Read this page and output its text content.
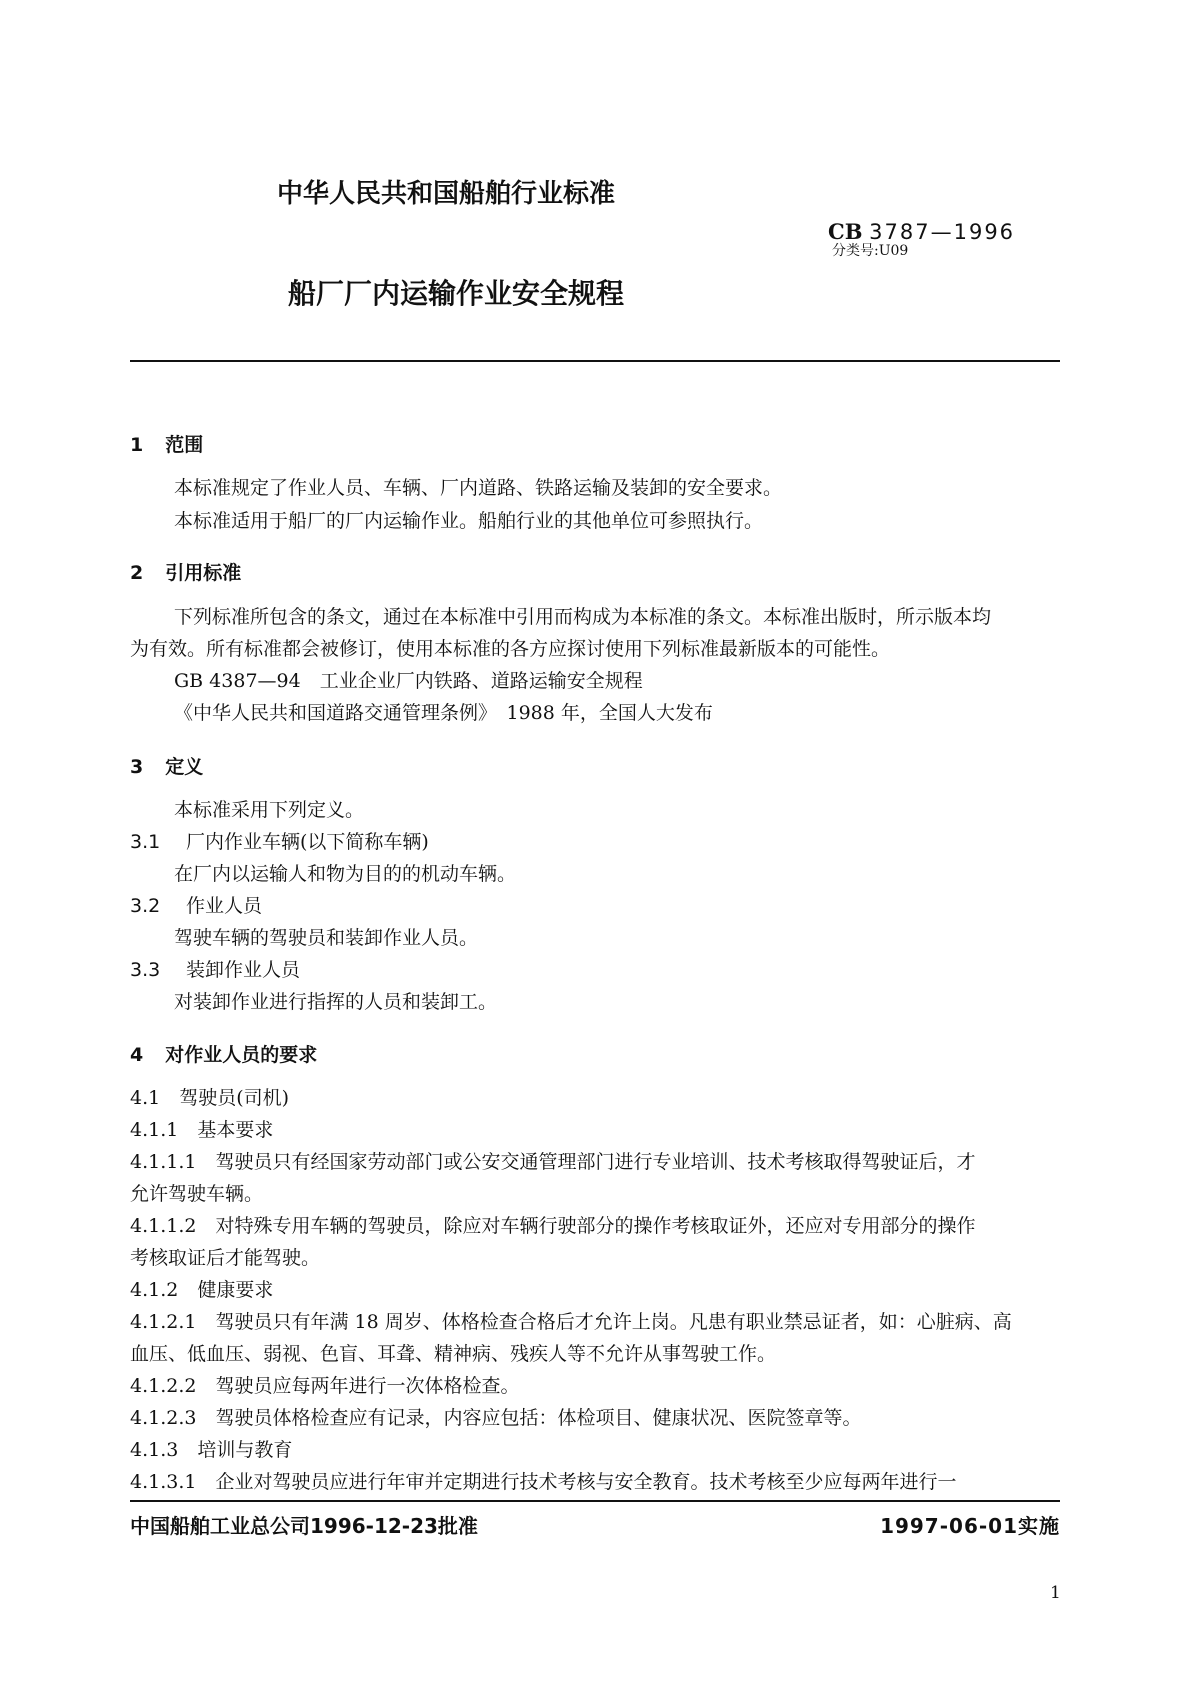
中华人民共和国船舶行业标准
CB 3787—1996
分类号:U09
船厂厂内运输作业安全规程
1 范围
本标准规定了作业人员、车辆、厂内道路、铁路运输及装卸的安全要求。
本标准适用于船厂的厂内运输作业。船舶行业的其他单位可参照执行。
2 引用标准
下列标准所包含的条文，通过在本标准中引用而构成为本标准的条文。本标准出版时，所示版本均
为有效。所有标准都会被修订，使用本标准的各方应探讨使用下列标准最新版本的可能性。
GB 4387—94　工业企业厂内铁路、道路运输安全规程
《中华人民共和国道路交通管理条例》　1988 年，全国人大发布
3 定义
本标准采用下列定义。
3.1 厂内作业车辆(以下简称车辆)
在厂内以运输人和物为目的的机动车辆。
3.2 作业人员
驾驶车辆的驾驶员和装卸作业人员。
3.3 装卸作业人员
对装卸作业进行指挥的人员和装卸工。
4 对作业人员的要求
4.1　驾驶员(司机)
4.1.1　基本要求
4.1.1.1　驾驶员只有经国家劳动部门或公安交通管理部门进行专业培训、技术考核取得驾驶证后，才
允许驾驶车辆。
4.1.1.2　对特殊专用车辆的驾驶员，除应对车辆行驶部分的操作考核取证外，还应对专用部分的操作
考核取证后才能驾驶。
4.1.2　健康要求
4.1.2.1　驾驶员只有年满 18 周岁、体格检查合格后才允许上岗。凡患有职业禁忌证者，如：心脏病、高
血压、低血压、弱视、色盲、耳聋、精神病、残疾人等不允许从事驾驶工作。
4.1.2.2　驾驶员应每两年进行一次体格检查。
4.1.2.3　驾驶员体格检查应有记录，内容应包括：体检项目、健康状况、医院签章等。
4.1.3　培训与教育
4.1.3.1　企业对驾驶员应进行年审并定期进行技术考核与安全教育。技术考核至少应每两年进行一
中国船舶工业总公司1996-12-23批准	1997-06-01实施
1
